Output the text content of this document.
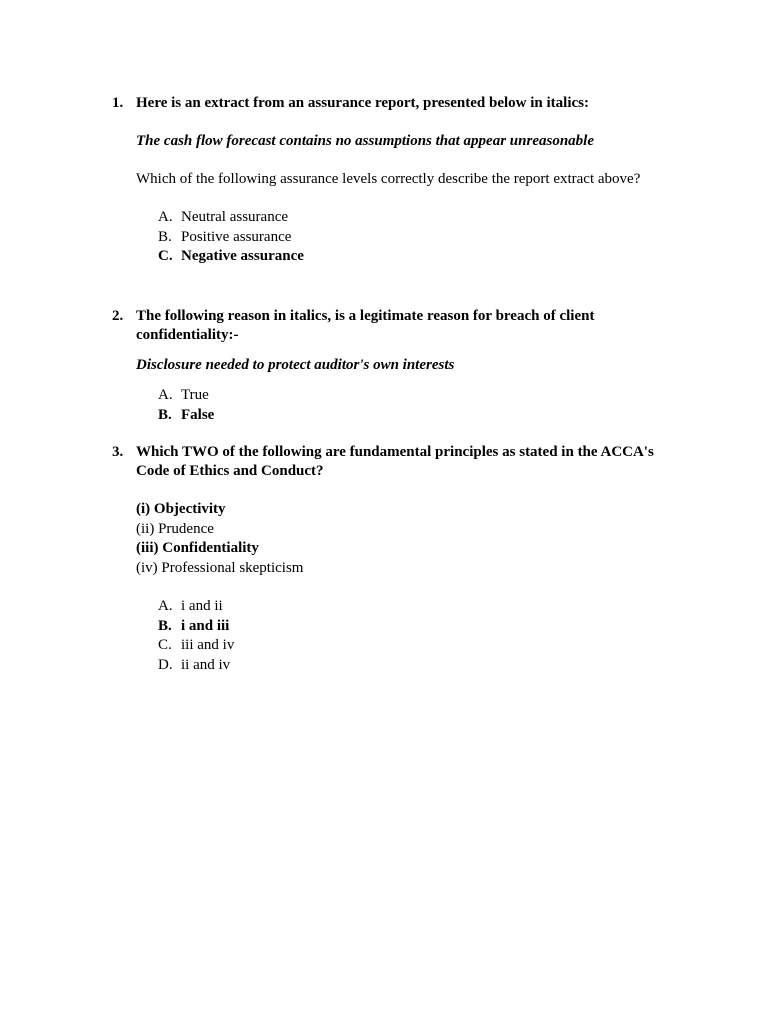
1. Here is an extract from an assurance report, presented below in italics:
The cash flow forecast contains no assumptions that appear unreasonable
Which of the following assurance levels correctly describe the report extract above?
A. Neutral assurance
B. Positive assurance
C. Negative assurance
2. The following reason in italics, is a legitimate reason for breach of client
confidentiality:-
Disclosure needed to protect auditor's own interests
A. True
B. False
3. Which TWO of the following are fundamental principles as stated in the ACCA's
Code of Ethics and Conduct?
(i) Objectivity
(ii) Prudence
(iii) Confidentiality
(iv) Professional skepticism
A. i and ii
B. i and iii
C. iii and iv
D. ii and iv
